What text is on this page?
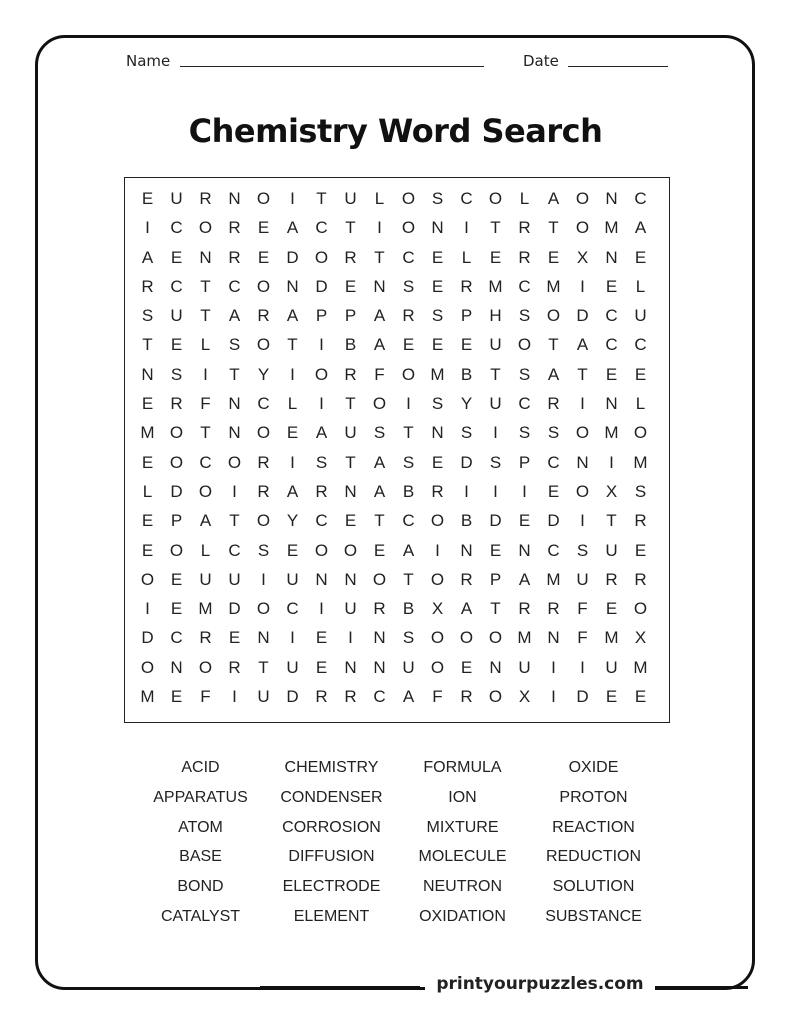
Name	Date
Chemistry Word Search
E	U R N O	I	T	U	L	O S	C O	L	A O N C
I	C O R	E	A	C	T	I	O N	I	T	R	T	O M A
A	E	N R	E	D O R	T	C	E	L	E	R	E	X	N	E
R C	T	C O N D	E	N	S	E	R M C M	I	E	L
S	U	T	A	R	A	P	P	A	R	S	P	H	S O D C U
T	E	L	S O	T	I	B	A	E	E	E	U O	T	A	C C
N	S	I	T	Y	I	O R	F	O M B	T	S	A	T	E	E
E	R	F	N C	L	I	T	O	I	S	Y	U C R	I	N	L
M O	T	N O E	A	U	S	T	N	S	I	S	S O M O
E O C O R	I	S	T	A	S	E	D	S	P	C N	I	M
L	D O	I	R	A	R N	A	B	R	I	I	I	E O X	S
E	P	A	T	O Y	C	E	T	C O B	D	E	D	I	T	R
E O	L	C	S	E O O E	A	I	N	E	N C	S	U	E
O E	U U	I	U N N O	T	O R	P	A M U R R
I	E M D O C	I	U R	B	X	A	T	R R	F	E O
D C R	E	N	I	E	I	N	S O O O M N	F M X
O N O R	T	U	E	N N U O E	N U	I	I	U M
M E	F	I	U D R R C	A	F	R O X	I	D	E	E
ACID	CHEMISTRY	FORMULA	OXIDE
APPARATUS	CONDENSER	ION	PROTON
ATOM	CORROSION	MIXTURE	REACTION
BASE	DIFFUSION	MOLECULE	REDUCTION
BOND	ELECTRODE	NEUTRON	SOLUTION
CATALYST	ELEMENT	OXIDATION	SUBSTANCE
printyourpuzzles.com
